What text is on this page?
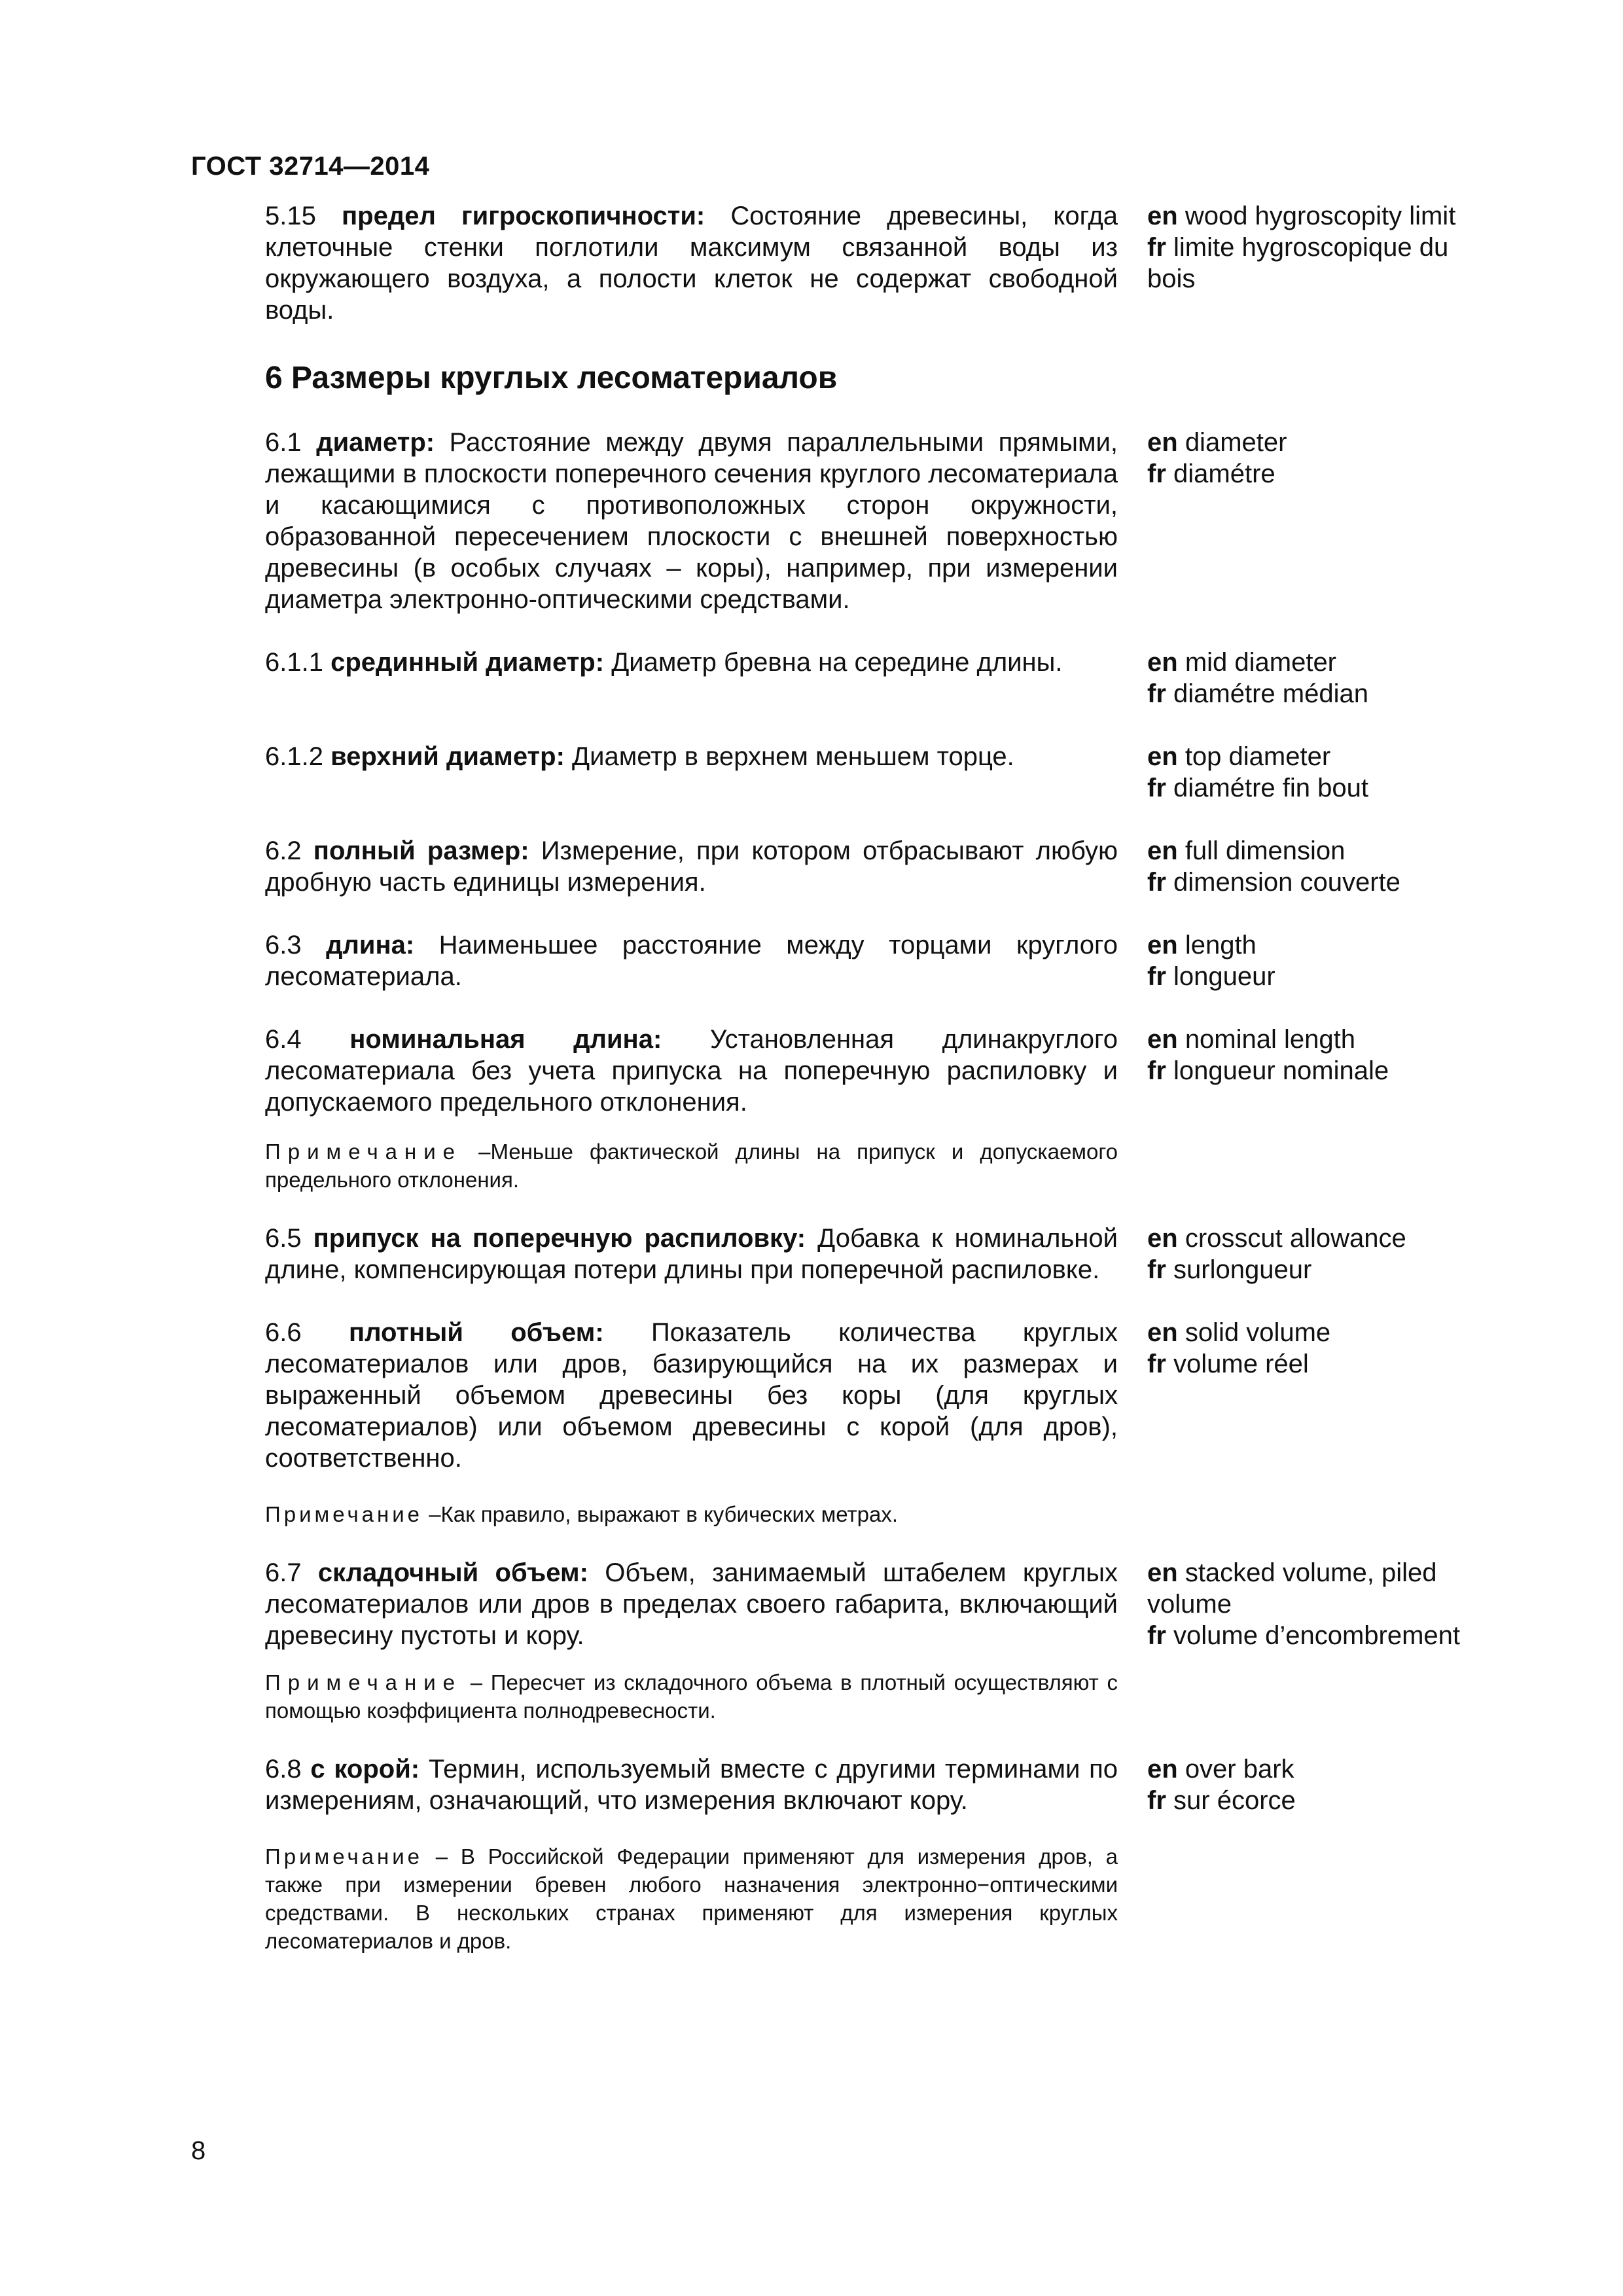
ГОСТ 32714—2014
5.15 предел гигроскопичности: Состояние древесины, когда клеточные стенки поглотили максимум связанной воды из окружающего воздуха, а полости клеток не содержат свободной воды.
en wood hygroscopity limit
fr limite hygroscopique du bois
6 Размеры круглых лесоматериалов
6.1 диаметр: Расстояние между двумя параллельными прямыми, лежащими в плоскости поперечного сечения круглого лесоматериала и касающимися с противоположных сторон окружности, образованной пересечением плоскости с внешней поверхностью древесины (в особых случаях – коры), например, при измерении диаметра электронно-оптическими средствами.
en diameter
fr diamétre
6.1.1 срединный диаметр: Диаметр бревна на середине длины.	en mid diameter
fr diamétre médian
6.1.2 верхний диаметр: Диаметр в верхнем меньшем торце.	en top diameter
fr diamétre fin bout
6.2 полный размер: Измерение, при котором отбрасывают любую дробную часть единицы измерения.
en full dimension
fr dimension couverte
6.3 длина: Наименьшее расстояние между торцами круглого лесоматериала.
en length
fr longueur
6.4 номинальная длина: Установленная длинакруглого лесоматериала без учета припуска на поперечную распиловку и допускаемого предельного отклонения.
en nominal length
fr longueur nominale
Примечание –Меньше фактической длины на припуск и допускаемого предельного отклонения.
6.5 припуск на поперечную распиловку: Добавка к номинальной длине, компенсирующая потери длины при поперечной распиловке.
en crosscut allowance
fr surlongueur
6.6 плотный объем: Показатель количества круглых лесоматериалов или дров, базирующийся на их размерах и выраженный объемом древесины без коры (для круглых лесоматериалов) или объемом древесины с корой (для дров), соответственно.
en solid volume
fr volume réel
Примечание –Как правило, выражают в кубических метрах.
6.7 складочный объем: Объем, занимаемый штабелем круглых лесоматериалов или дров в пределах своего габарита, включающий древесину пустоты и кору.
en stacked volume, piled volume
fr volume d’encombrement
Примечание – Пересчет из складочного объема в плотный осуществляют с помощью коэффициента полнодревесности.
6.8 с корой: Термин, используемый вместе с другими терминами по измерениям, означающий, что измерения включают кору.
en over bark
fr sur écorce
Примечание – В Российской Федерации применяют для измерения дров, а также при измерении бревен любого назначения электронно−оптическими средствами. В нескольких странах применяют для измерения круглых лесоматериалов и дров.
8
